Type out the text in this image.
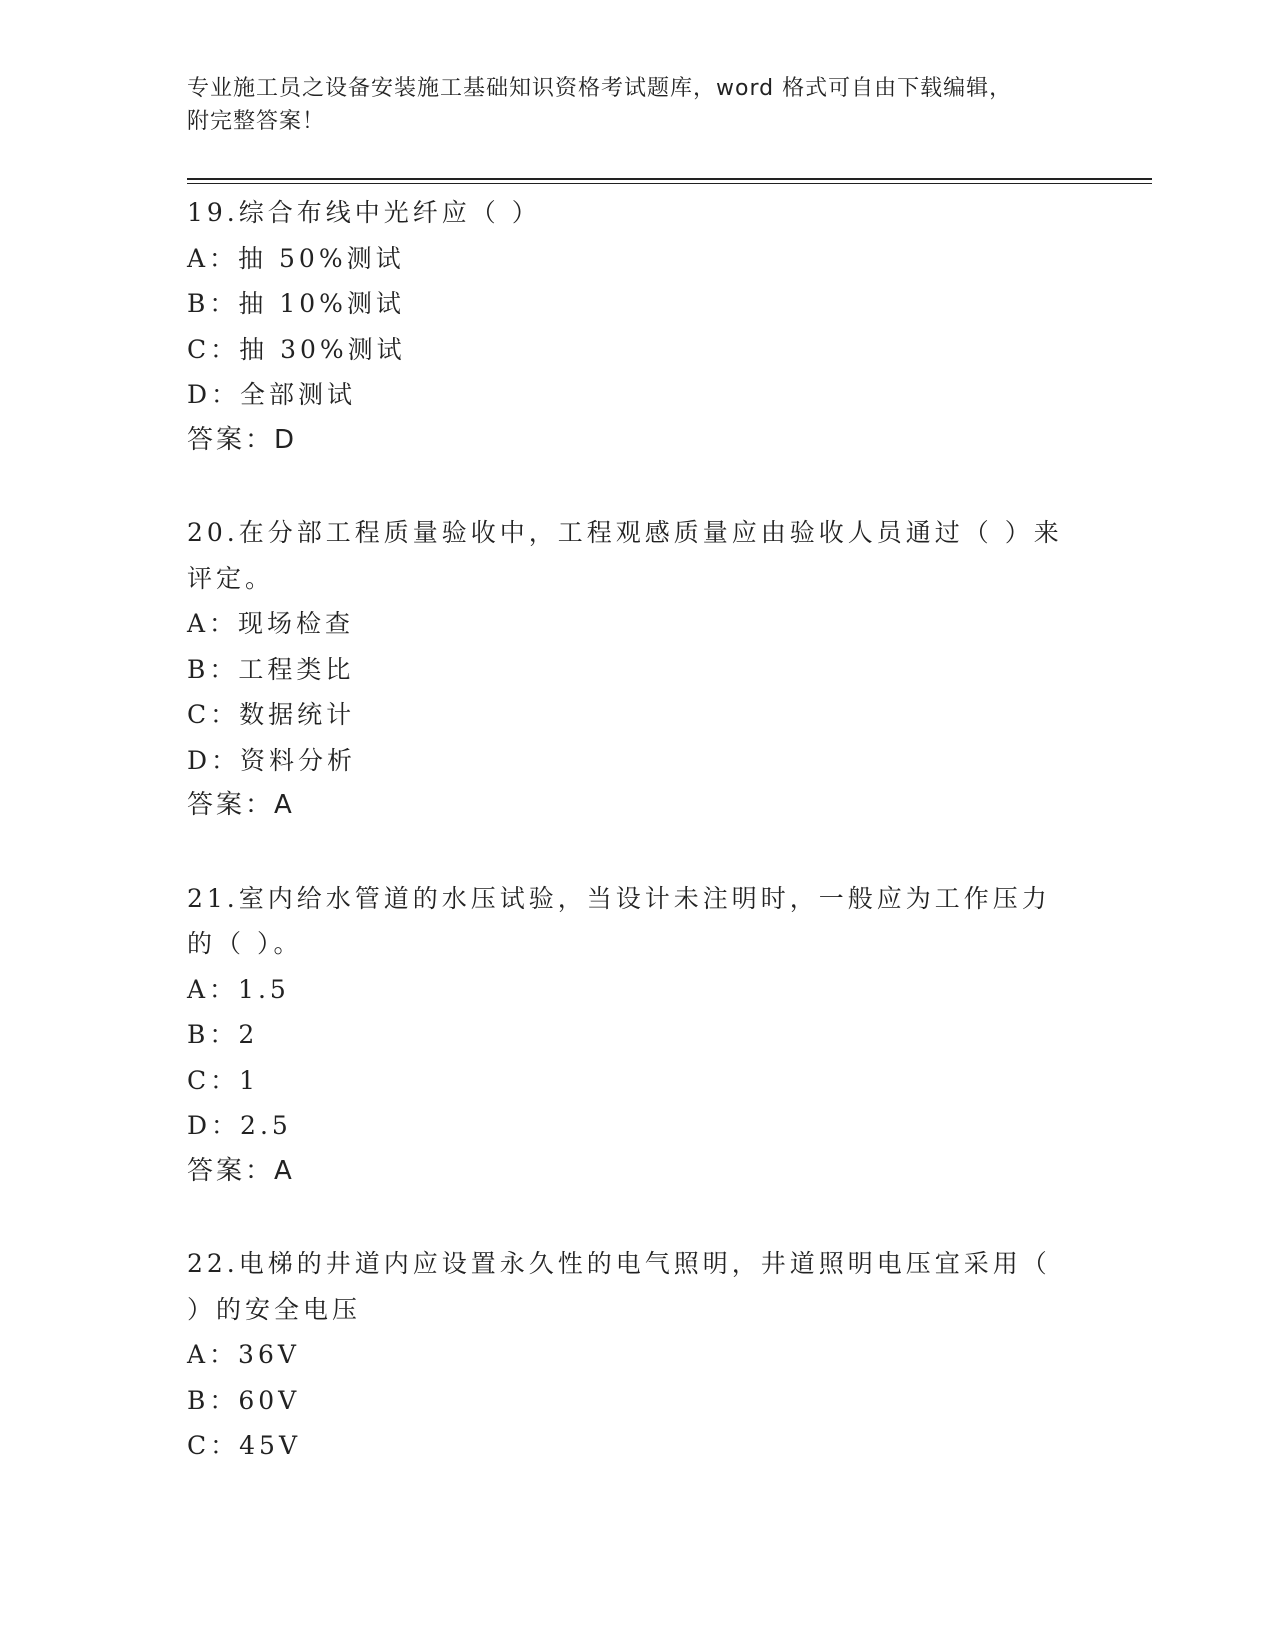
专业施工员之设备安装施工基础知识资格考试题库，word 格式可自由下载编辑，
附完整答案！
19.综合布线中光纤应（ ）
A：抽 50%测试
B：抽 10%测试
C：抽 30%测试
D：全部测试
答案：D
20.在分部工程质量验收中，工程观感质量应由验收人员通过（ ）来评定。
A：现场检查
B：工程类比
C：数据统计
D：资料分析
答案：A
21.室内给水管道的水压试验，当设计未注明时，一般应为工作压力的（ ）。
A：1.5
B：2
C：1
D：2.5
答案：A
22.电梯的井道内应设置永久性的电气照明，井道照明电压宜采用（ ）的安全电压
A：36V
B：60V
C：45V
